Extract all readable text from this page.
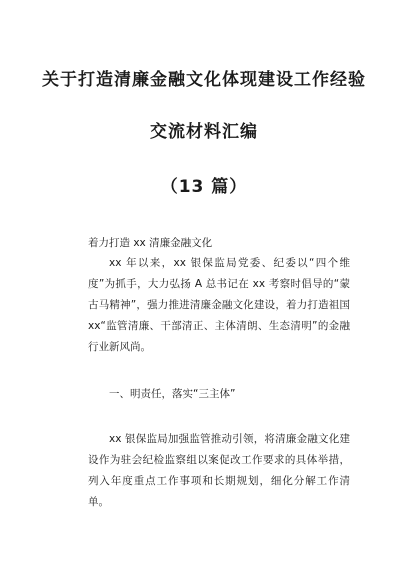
关于打造清廉金融文化体现建设工作经验
交流材料汇编
（13 篇）
着力打造 xx 清廉金融文化
xx 年以来，xx 银保监局党委、纪委以“四个维度”为抓手，大力弘扬 A 总书记在 xx 考察时倡导的“蒙古马精神”，强力推进清廉金融文化建设，着力打造祖国 xx“监管清廉、干部清正、主体清朗、生态清明”的金融行业新风尚。
一、明责任，落实“三主体”
xx 银保监局加强监管推动引领，将清廉金融文化建设作为驻会纪检监察组以案促改工作要求的具体举措，列入年度重点工作事项和长期规划，细化分解工作清单。
